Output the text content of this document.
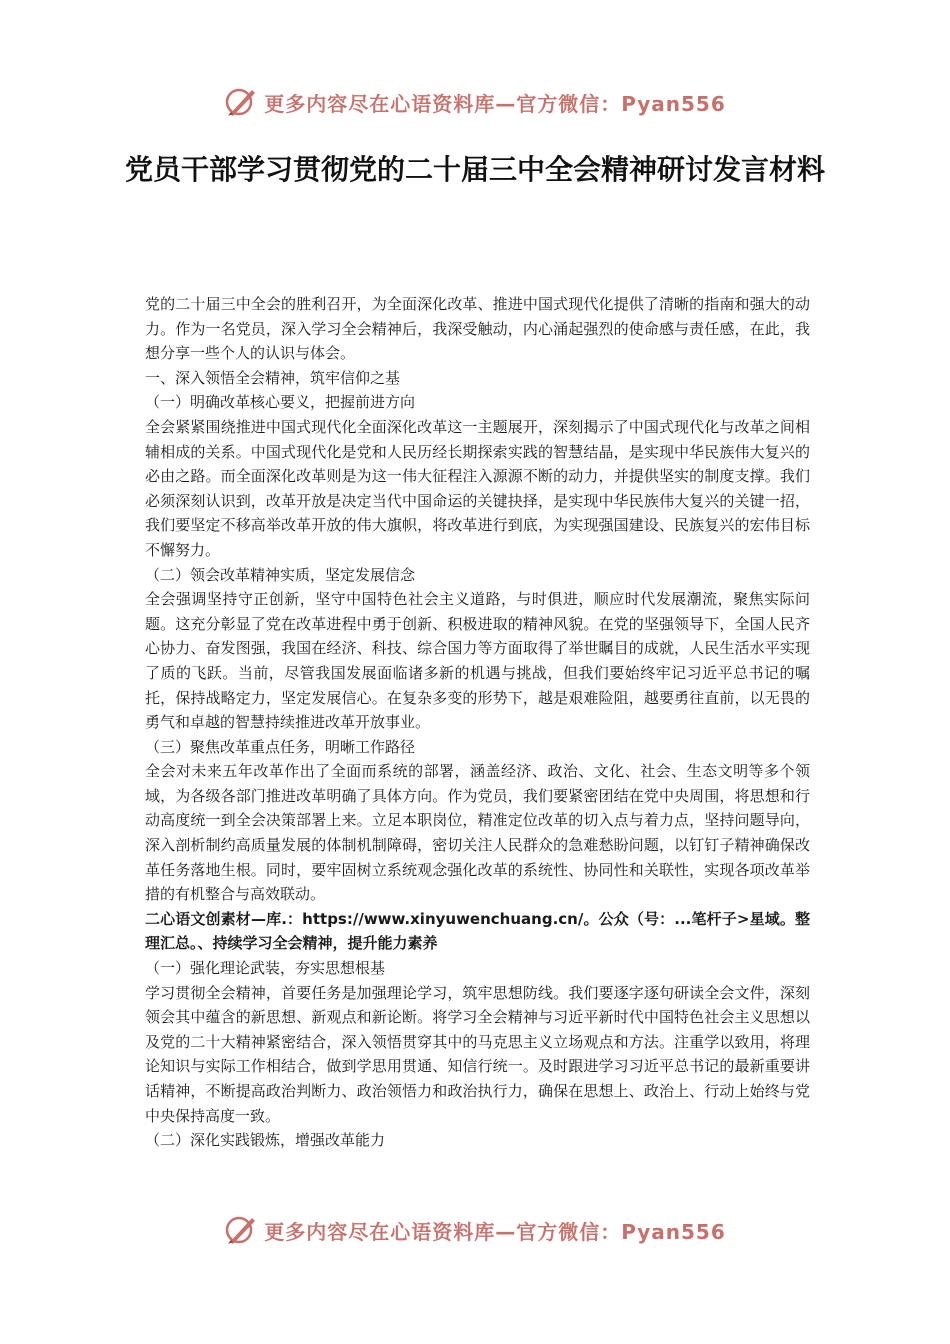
更多内容尽在心语资料库—官方微信：Pyan556
党员干部学习贯彻党的二十届三中全会精神研讨发言材料

党的二十届三中全会的胜利召开，为全面深化改革、推进中国式现代化提供了清晰的指南和强大的动力。作为一名党员，深入学习全会精神后，我深受触动，内心涌起强烈的使命感与责任感，在此，我想分享一些个人的认识与体会。

一、深入领悟全会精神，筑牢信仰之基

（一）明确改革核心要义，把握前进方向

全会紧紧围绕推进中国式现代化全面深化改革这一主题展开，深刻揭示了中国式现代化与改革之间相辅相成的关系。中国式现代化是党和人民历经长期探索实践的智慧结晶，是实现中华民族伟大复兴的必由之路。而全面深化改革则是为这一伟大征程注入源源不断的动力，并提供坚实的制度支撑。我们必须深刻认识到，改革开放是决定当代中国命运的关键抉择，是实现中华民族伟大复兴的关键一招，我们要坚定不移高举改革开放的伟大旗帜，将改革进行到底，为实现强国建设、民族复兴的宏伟目标不懈努力。

（二）领会改革精神实质，坚定发展信念

全会强调坚持守正创新，坚守中国特色社会主义道路，与时俱进，顺应时代发展潮流，聚焦实际问题。这充分彰显了党在改革进程中勇于创新、积极进取的精神风貌。在党的坚强领导下，全国人民齐心协力、奋发图强，我国在经济、科技、综合国力等方面取得了举世瞩目的成就，人民生活水平实现了质的飞跃。当前，尽管我国发展面临诸多新的机遇与挑战，但我们要始终牢记习近平总书记的嘱托，保持战略定力，坚定发展信心。在复杂多变的形势下，越是艰难险阻，越要勇往直前，以无畏的勇气和卓越的智慧持续推进改革开放事业。

（三）聚焦改革重点任务，明晰工作路径

全会对未来五年改革作出了全面而系统的部署，涵盖经济、政治、文化、社会、生态文明等多个领域，为各级各部门推进改革明确了具体方向。作为党员，我们要紧密团结在党中央周围，将思想和行动高度统一到全会决策部署上来。立足本职岗位，精准定位改革的切入点与着力点，坚持问题导向，深入剖析制约高质量发展的体制机制障碍，密切关注人民群众的急难愁盼问题，以钉钉子精神确保改革任务落地生根。同时，要牢固树立系统观念强化改革的系统性、协同性和关联性，实现各项改革举措的有机整合与高效联动。

二心语文创素材—库.：https://www.xinyuwenchuang.cn/。公众（号：...笔杆子>星域。整理汇总。、持续学习全会精神，提升能力素养

（一）强化理论武装，夯实思想根基

学习贯彻全会精神，首要任务是加强理论学习，筑牢思想防线。我们要逐字逐句研读全会文件，深刻领会其中蕴含的新思想、新观点和新论断。将学习全会精神与习近平新时代中国特色社会主义思想以及党的二十大精神紧密结合，深入领悟贯穿其中的马克思主义立场观点和方法。注重学以致用，将理论知识与实际工作相结合，做到学思用贯通、知信行统一。及时跟进学习习近平总书记的最新重要讲话精神，不断提高政治判断力、政治领悟力和政治执行力，确保在思想上、政治上、行动上始终与党中央保持高度一致。

（二）深化实践锻炼，增强改革能力

更多内容尽在心语资料库—官方微信：Pyan556
